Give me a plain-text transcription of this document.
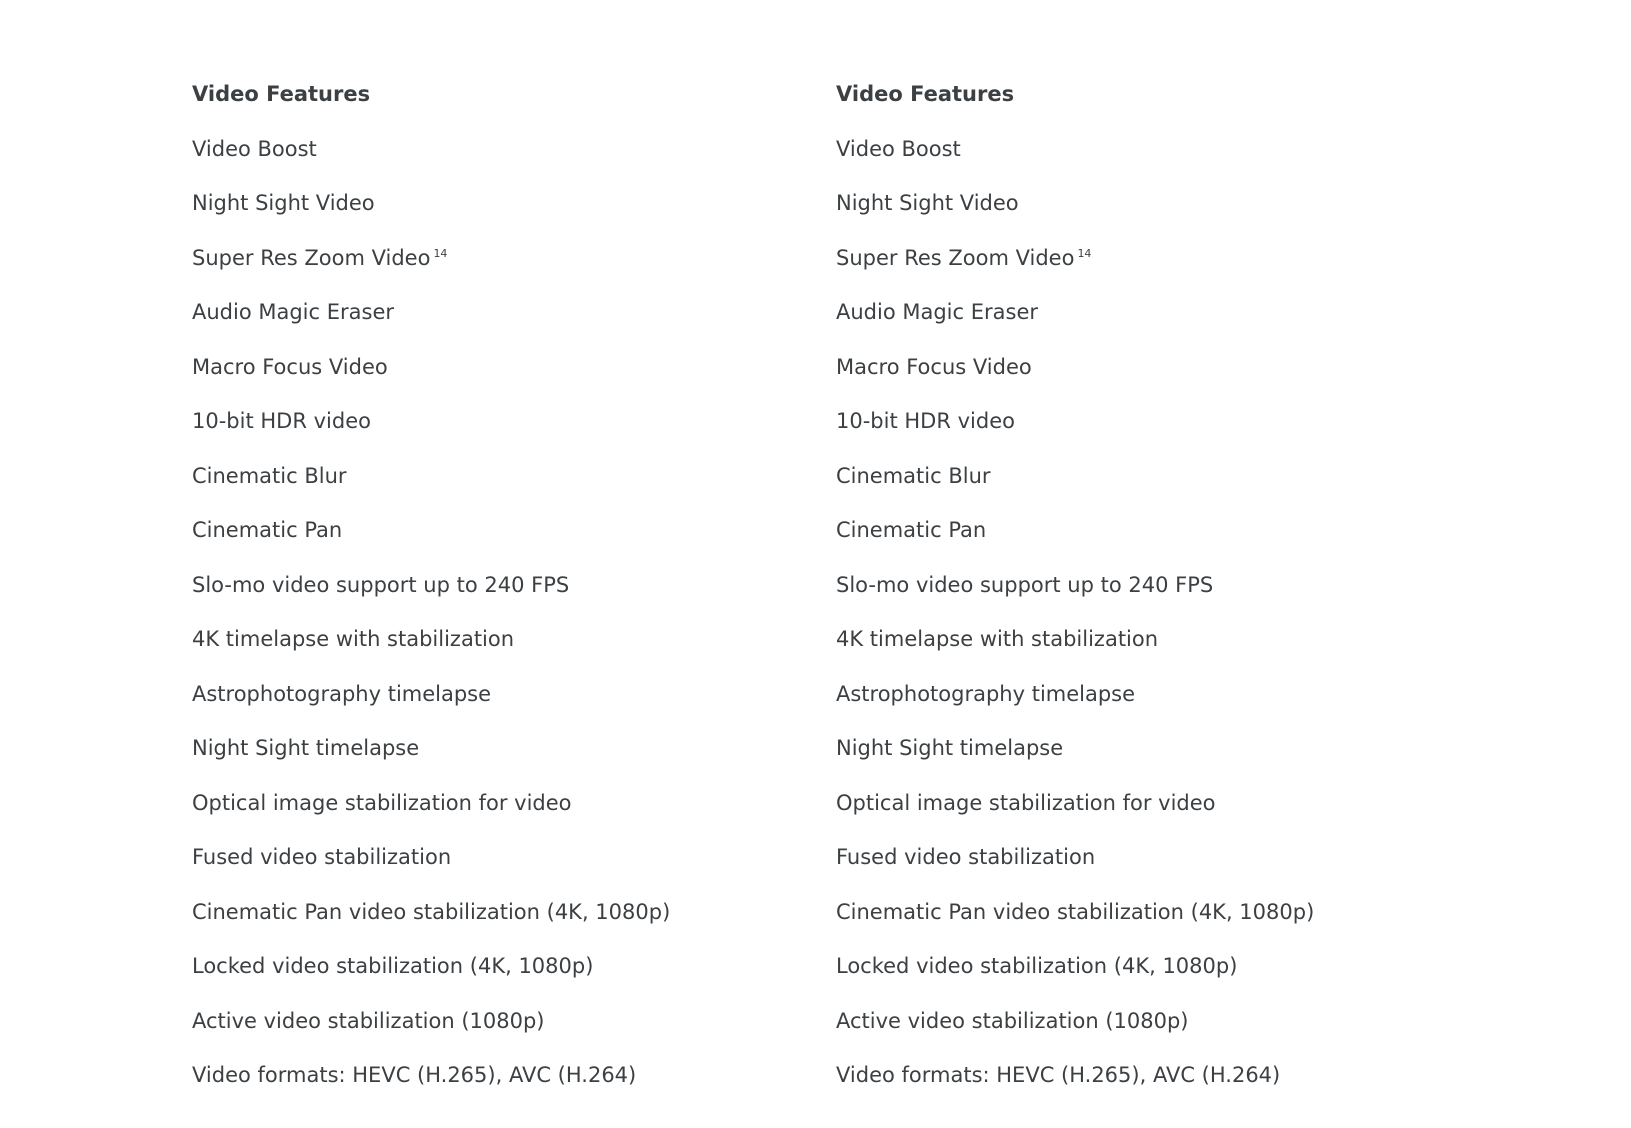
Video Features
Video Boost
Night Sight Video
Super Res Zoom Video $^{14}$
Audio Magic Eraser
Macro Focus Video
10-bit HDR video
Cinematic Blur
Cinematic Pan
Slo-mo video support up to 240 FPS
4K timelapse with stabilization
Astrophotography timelapse
Night Sight timelapse
Optical image stabilization for video
Fused video stabilization
Cinematic Pan video stabilization (4K, 1080p)
Locked video stabilization (4K, 1080p)
Active video stabilization (1080p)
Video formats: HEVC (H.265), AVC (H.264)
Video Features
Video Boost
Night Sight Video
Super Res Zoom Video $^{14}$
Audio Magic Eraser
Macro Focus Video
10-bit HDR video
Cinematic Blur
Cinematic Pan
Slo-mo video support up to 240 FPS
4K timelapse with stabilization
Astrophotography timelapse
Night Sight timelapse
Optical image stabilization for video
Fused video stabilization
Cinematic Pan video stabilization (4K, 1080p)
Locked video stabilization (4K, 1080p)
Active video stabilization (1080p)
Video formats: HEVC (H.265), AVC (H.264)
